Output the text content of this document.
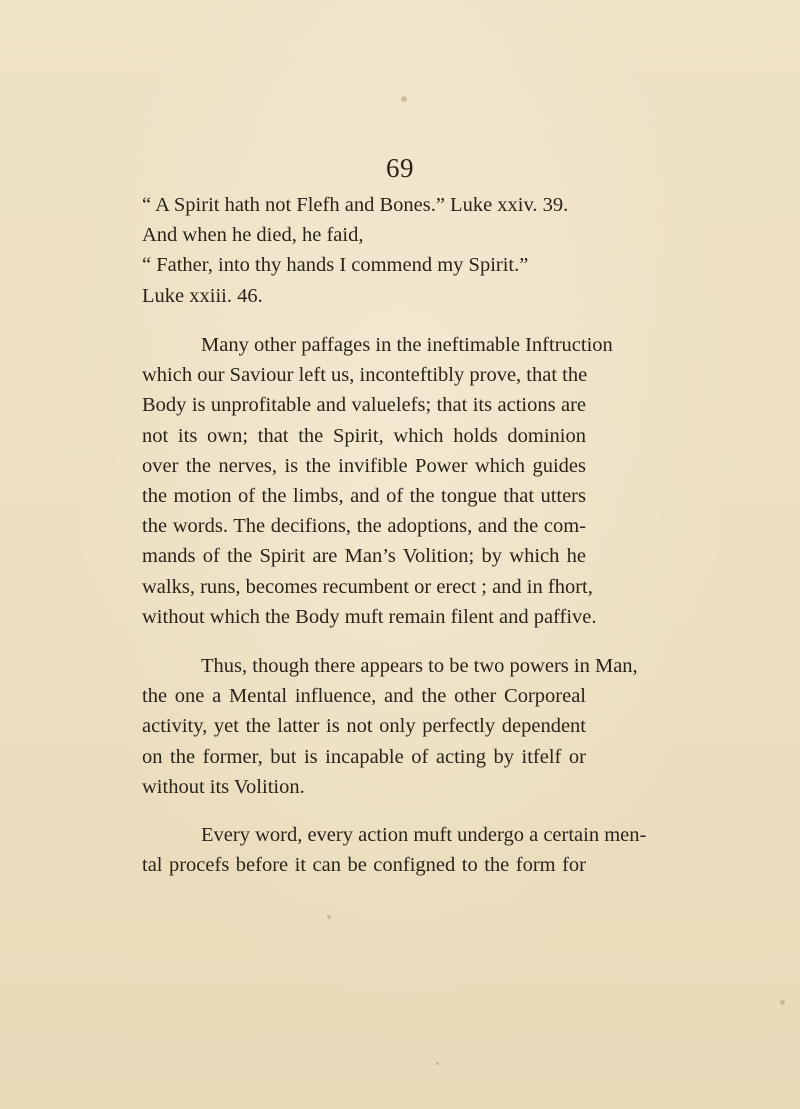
69
“ A Spirit hath not Flefh and Bones.” Luke xxiv. 39.
And when he died, he faid,
“ Father, into thy hands I commend my Spirit.”
Luke xxiii. 46.
Many other paffages in the ineftimable Inftruction
which our Saviour left us, inconteftibly prove, that the
Body is unprofitable and valuelefs; that its actions are
not its own; that the Spirit, which holds dominion
over the nerves, is the invifible Power which guides
the motion of the limbs, and of the tongue that utters
the words. The decifions, the adoptions, and the com-
mands of the Spirit are Man’s Volition; by which he
walks, runs, becomes recumbent or erect ; and in fhort,
without which the Body muft remain filent and paffive.
Thus, though there appears to be two powers in Man,
the one a Mental influence, and the other Corporeal
activity, yet the latter is not only perfectly dependent
on the former, but is incapable of acting by itfelf or
without its Volition.
Every word, every action muft undergo a certain men-
tal procefs before it can be configned to the form for
